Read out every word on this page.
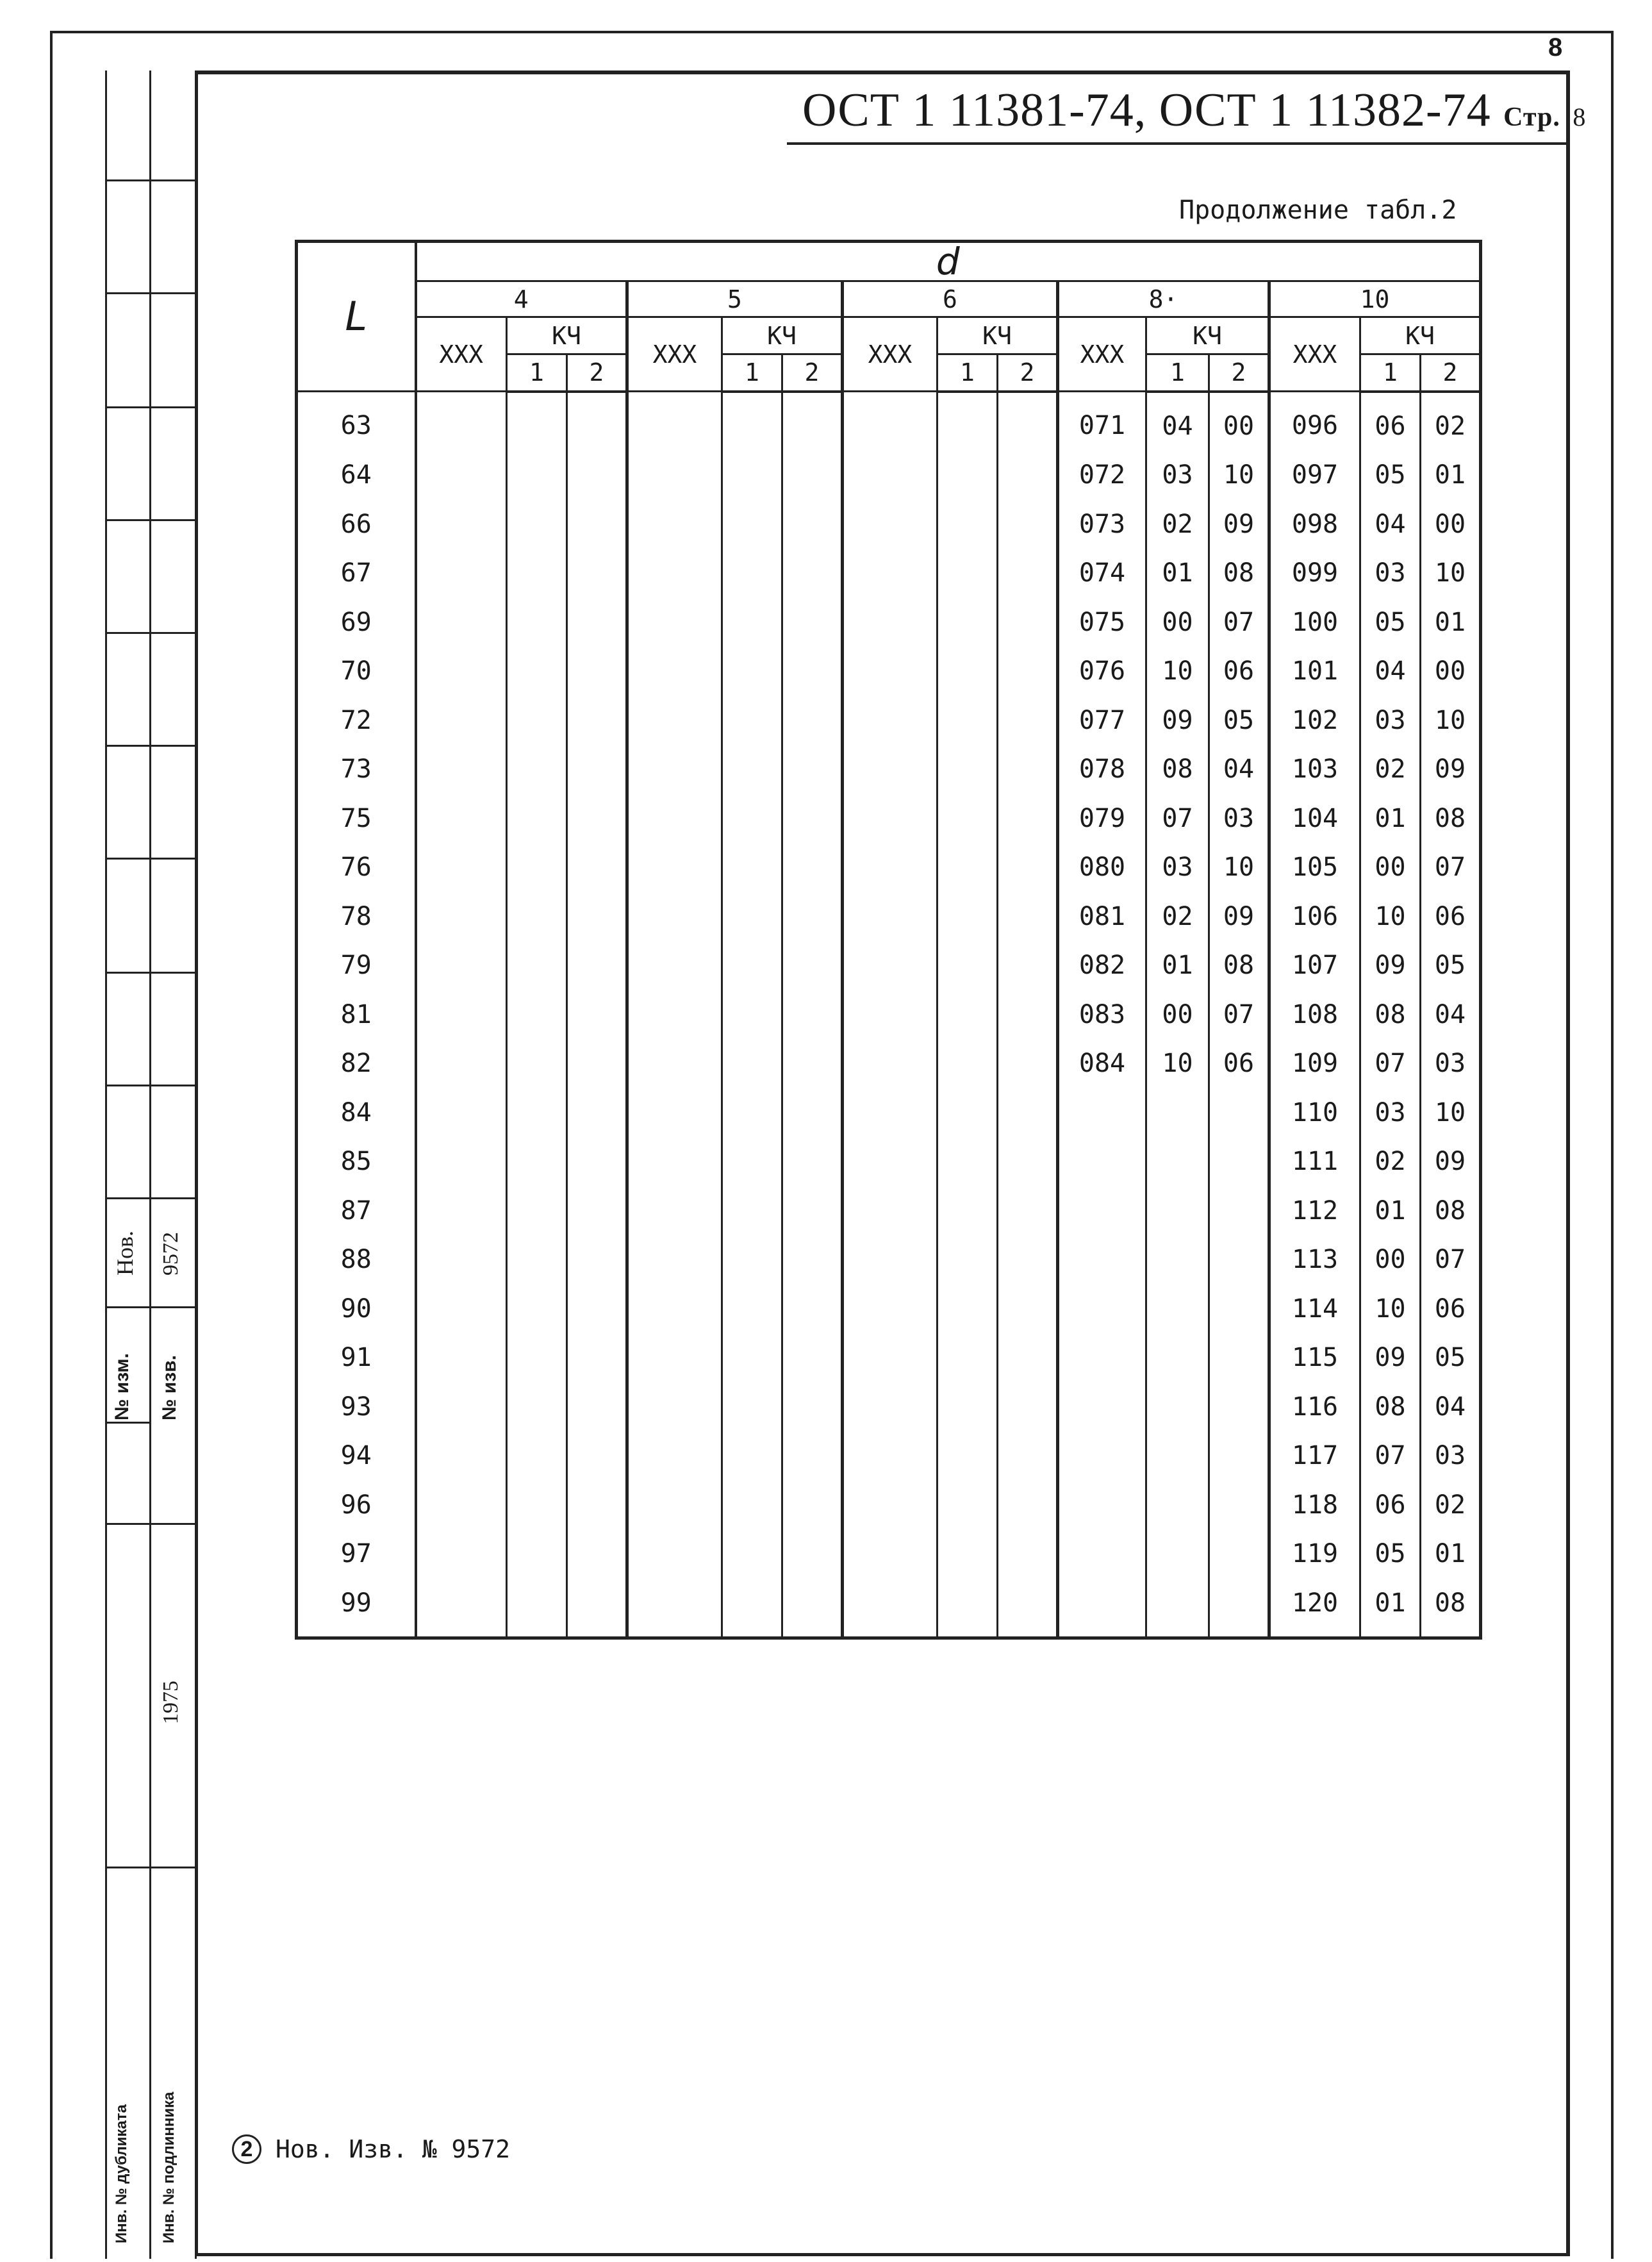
№ изм.
Нов.
№ изв.
9572
1975
Инв. № дубликата Инв. № подлинника
8
ОСТ 1 11381-74, ОСТ 1 11382-74 Стр. 8
Продолжение табл.2
L	d														
	4			5			6			8·			10		
	XXX	КЧ		XXX	КЧ		XXX	КЧ		XXX	КЧ		XXX	КЧ	
		1	2		1	2		1	2		1	2		1	2
63										071	04	00	096	06	02
64										072	03	10	097	05	01
66										073	02	09	098	04	00
67										074	01	08	099	03	10
69										075	00	07	100	05	01
70										076	10	06	101	04	00
72										077	09	05	102	03	10
73										078	08	04	103	02	09
75										079	07	03	104	01	08
76										080	03	10	105	00	07
78										081	02	09	106	10	06
79										082	01	08	107	09	05
81										083	00	07	108	08	04
82										084	10	06	109	07	03
84													110	03	10
85													111	02	09
87													112	01	08
88													113	00	07
90													114	10	06
91													115	09	05
93													116	08	04
94													117	07	03
96													118	06	02
97													119	05	01
99													120	01	08
2 Нов. Изв. № 9572
